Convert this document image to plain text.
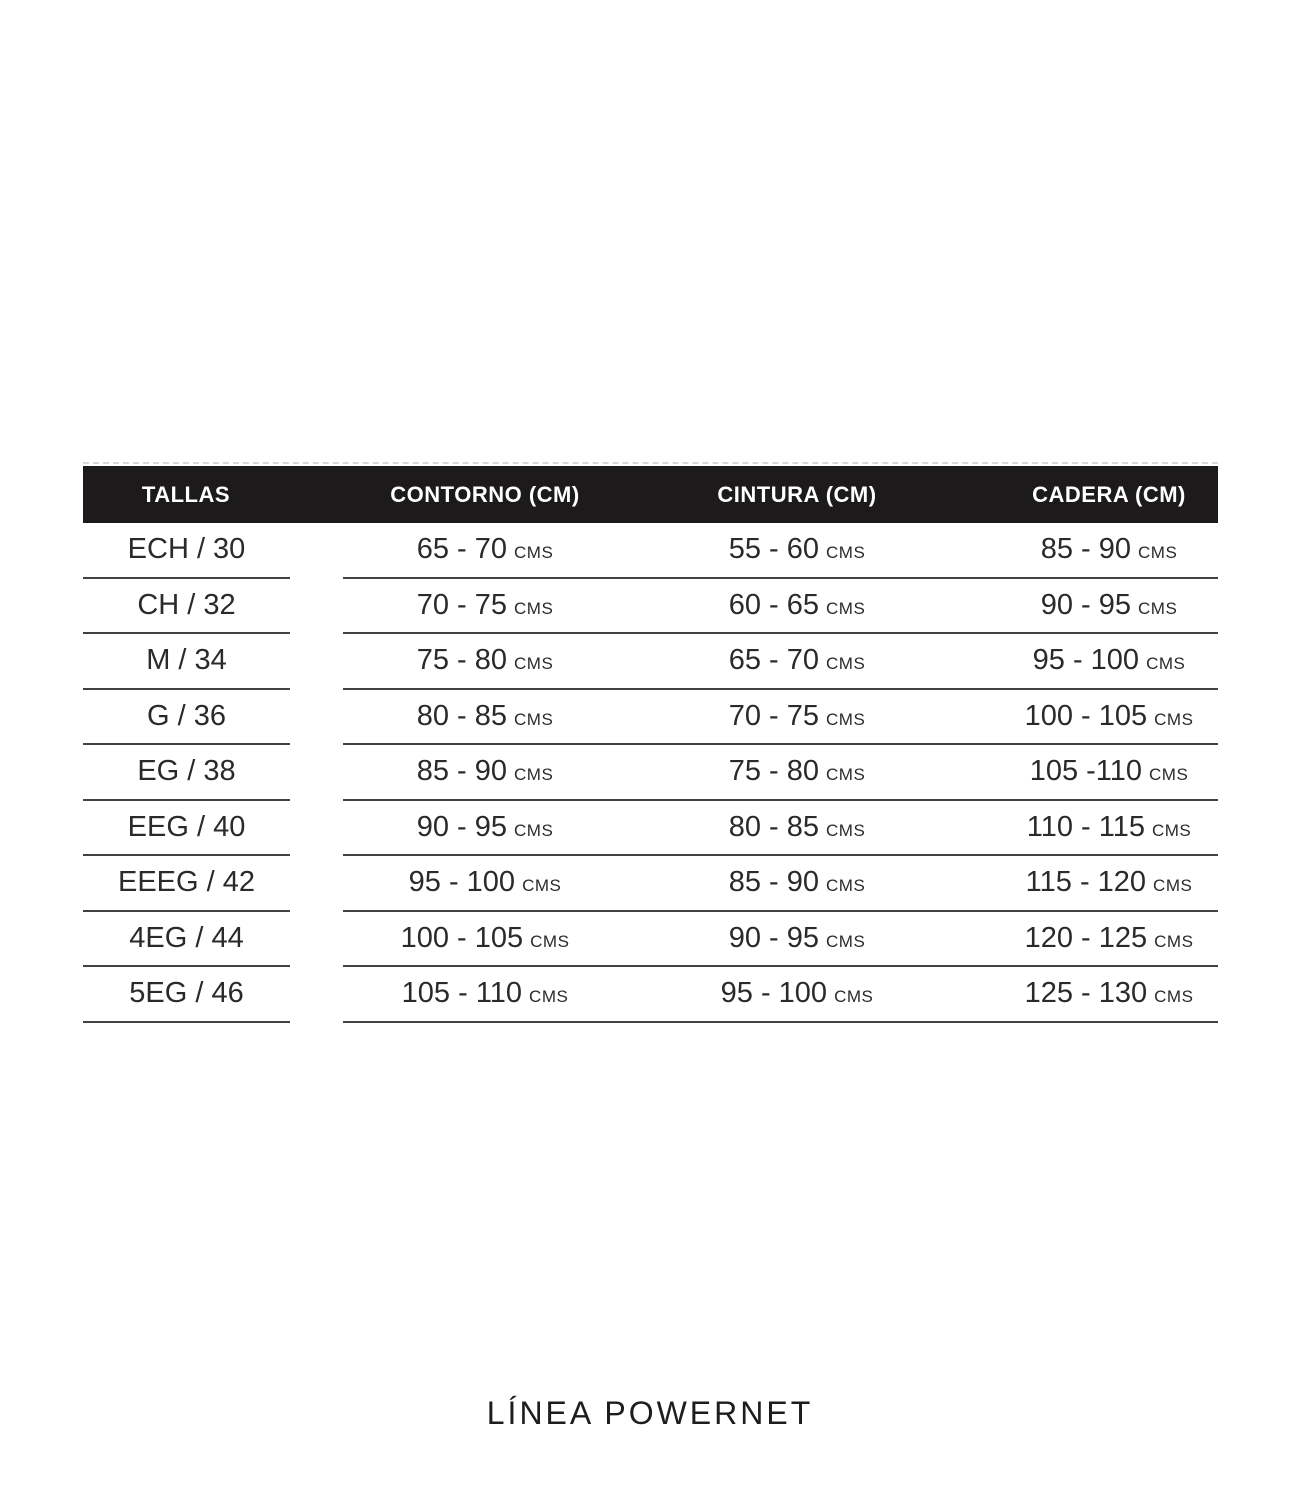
TALLAS	CONTORNO (CM)	CINTURA (CM)	CADERA (CM)
ECH / 30	65 - 70 CMS	55 - 60 CMS	85 - 90 CMS
CH / 32	70 - 75 CMS	60 - 65 CMS	90 - 95 CMS
M / 34	75 - 80 CMS	65 - 70 CMS	95 - 100 CMS
G / 36	80 - 85 CMS	70 - 75 CMS	100 - 105 CMS
EG / 38	85 - 90 CMS	75 - 80 CMS	105 -110 CMS
EEG / 40	90 - 95 CMS	80 - 85 CMS	110 - 115 CMS
EEEG / 42	95 - 100 CMS	85 - 90 CMS	115 - 120 CMS
4EG / 44	100 - 105 CMS	90 - 95 CMS	120 - 125 CMS
5EG / 46	105 - 110 CMS	95 - 100 CMS	125 - 130 CMS
LÍNEA POWERNET
